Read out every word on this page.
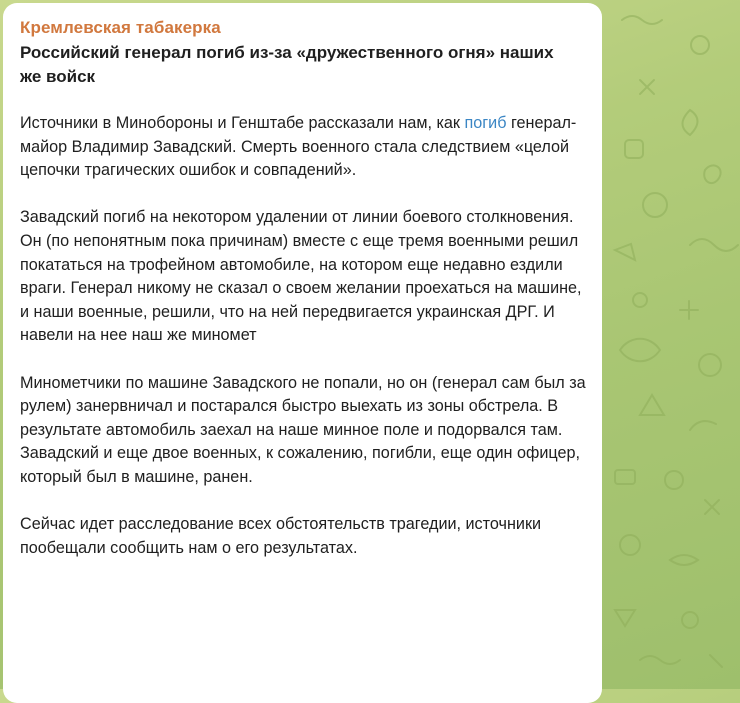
Кремлевская табакерка
Российский генерал погиб из-за «дружественного огня» наших же войск

Источники в Минобороны и Генштабе рассказали нам, как погиб генерал-майор Владимир Завадский. Смерть военного стала следствием «целой цепочки трагических ошибок и совпадений».

Завадский погиб на некотором удалении от линии боевого столкновения. Он (по непонятным пока причинам) вместе с еще тремя военными решил покататься на трофейном автомобиле, на котором еще недавно ездили враги. Генерал никому не сказал о своем желании проехаться на машине, и наши военные, решили, что на ней передвигается украинская ДРГ. И навели на нее наш же миномет

Минометчики по машине Завадского не попали, но он (генерал сам был за рулем) занервничал и постарался быстро выехать из зоны обстрела. В результате автомобиль заехал на наше минное поле и подорвался там. Завадский и еще двое военных, к сожалению, погибли, еще один офицер, который был в машине, ранен.

Сейчас идет расследование всех обстоятельств трагедии, источники пообещали сообщить нам о его результатах.
